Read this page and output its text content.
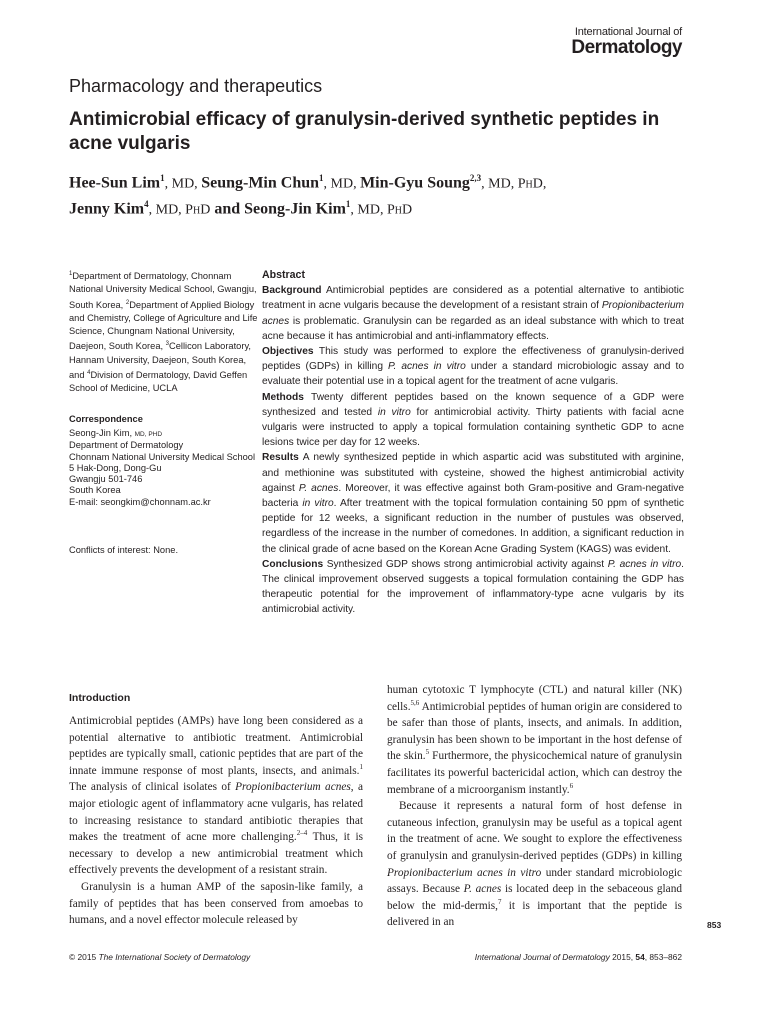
International Journal of
Dermatology
Pharmacology and therapeutics
Antimicrobial efficacy of granulysin-derived synthetic peptides in acne vulgaris
Hee-Sun Lim$^1$, MD, Seung-Min Chun$^1$, MD, Min-Gyu Soung$^{2,3}$, MD, PhD,
Jenny Kim$^4$, MD, PhD and Seong-Jin Kim$^1$, MD, PhD
$^1$Department of Dermatology, Chonnam National University Medical School, Gwangju, South Korea, $^2$Department of Applied Biology and Chemistry, College of Agriculture and Life Science, Chungnam National University, Daejeon, South Korea, $^3$Cellicon Laboratory, Hannam University, Daejeon, South Korea, and $^4$Division of Dermatology, David Geffen School of Medicine, UCLA
Correspondence
Seong-Jin Kim, MD, PHD
Department of Dermatology
Chonnam National University Medical School
5 Hak-Dong, Dong-Gu
Gwangju 501-746
South Korea
E-mail: seongkim@chonnam.ac.kr
Conflicts of interest: None.
Abstract

Background Antimicrobial peptides are considered as a potential alternative to antibiotic treatment in acne vulgaris because the development of a resistant strain of Propionibacterium acnes is problematic. Granulysin can be regarded as an ideal substance with which to treat acne because it has antimicrobial and anti-inflammatory effects.

Objectives This study was performed to explore the effectiveness of granulysin-derived peptides (GDPs) in killing P. acnes in vitro under a standard microbiologic assay and to evaluate their potential use in a topical agent for the treatment of acne vulgaris.

Methods Twenty different peptides based on the known sequence of a GDP were synthesized and tested in vitro for antimicrobial activity. Thirty patients with facial acne vulgaris were instructed to apply a topical formulation containing synthetic GDP to acne lesions twice per day for 12 weeks.

Results A newly synthesized peptide in which aspartic acid was substituted with arginine, and methionine was substituted with cysteine, showed the highest antimicrobial activity against P. acnes. Moreover, it was effective against both Gram-positive and Gram-negative bacteria in vitro. After treatment with the topical formulation containing 50 ppm of synthetic peptide for 12 weeks, a significant reduction in the number of pustules was observed, regardless of the increase in the number of comedones. In addition, a significant reduction in the clinical grade of acne based on the Korean Acne Grading System (KAGS) was evident.

Conclusions Synthesized GDP shows strong antimicrobial activity against P. acnes in vitro. The clinical improvement observed suggests a topical formulation containing the GDP has therapeutic potential for the improvement of inflammatory-type acne vulgaris by its antimicrobial activity.

Introduction

Antimicrobial peptides (AMPs) have long been considered as a potential alternative to antibiotic treatment. Antimicrobial peptides are typically small, cationic peptides that are part of the innate immune response of most plants, insects, and animals.$^1$ The analysis of clinical isolates of Propionibacterium acnes, a major etiologic agent of inflammatory acne vulgaris, has related to increasing resistance to standard antibiotic therapies that makes the treatment of acne more challenging.$^{2-4}$ Thus, it is necessary to develop a new antimicrobial treatment which effectively prevents the development of a resistant strain.

Granulysin is a human AMP of the saposin-like family, a family of peptides that has been conserved from amoebas to humans, and a novel effector molecule released by

human cytotoxic T lymphocyte (CTL) and natural killer (NK) cells.$^{5,6}$ Antimicrobial peptides of human origin are considered to be safer than those of plants, insects, and animals. In addition, granulysin has been shown to be important in the host defense of the skin.$^5$ Furthermore, the physicochemical nature of granulysin facilitates its powerful bactericidal action, which can destroy the membrane of a microorganism instantly.$^6$

Because it represents a natural form of host defense in cutaneous infection, granulysin may be useful as a topical agent in the treatment of acne. We sought to explore the effectiveness of granulysin and granulysin-derived peptides (GDPs) in killing Propionibacterium acnes in vitro under standard microbiologic assays. Because P. acnes is located deep in the sebaceous gland below the mid-dermis,$^7$ it is important that the peptide is delivered in an	853
© 2015 The International Society of Dermatology	International Journal of Dermatology 2015, 54, 853–862
